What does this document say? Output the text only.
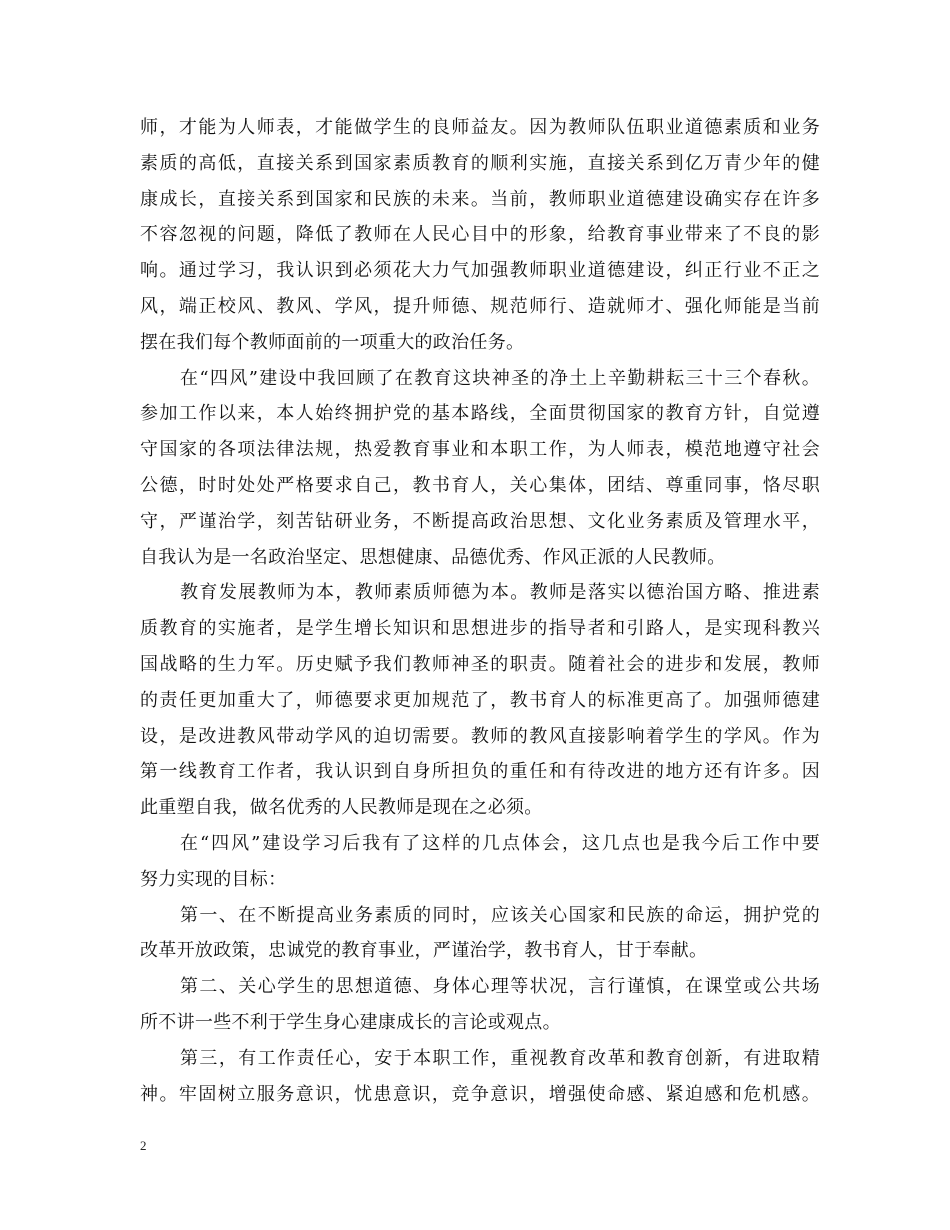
师，才能为人师表，才能做学生的良师益友。因为教师队伍职业道德素质和业务
素质的高低，直接关系到国家素质教育的顺利实施，直接关系到亿万青少年的健
康成长，直接关系到国家和民族的未来。当前，教师职业道德建设确实存在许多
不容忽视的问题，降低了教师在人民心目中的形象，给教育事业带来了不良的影
响。通过学习，我认识到必须花大力气加强教师职业道德建设，纠正行业不正之
风，端正校风、教风、学风，提升师德、规范师行、造就师才、强化师能是当前
摆在我们每个教师面前的一项重大的政治任务。
在“四风”建设中我回顾了在教育这块神圣的净土上辛勤耕耘三十三个春秋。
参加工作以来，本人始终拥护党的基本路线，全面贯彻国家的教育方针，自觉遵
守国家的各项法律法规，热爱教育事业和本职工作，为人师表，模范地遵守社会
公德，时时处处严格要求自己，教书育人，关心集体，团结、尊重同事，恪尽职
守，严谨治学，刻苦钻研业务，不断提高政治思想、文化业务素质及管理水平，
自我认为是一名政治坚定、思想健康、品德优秀、作风正派的人民教师。
教育发展教师为本，教师素质师德为本。教师是落实以德治国方略、推进素
质教育的实施者，是学生增长知识和思想进步的指导者和引路人，是实现科教兴
国战略的生力军。历史赋予我们教师神圣的职责。随着社会的进步和发展，教师
的责任更加重大了，师德要求更加规范了，教书育人的标准更高了。加强师德建
设，是改进教风带动学风的迫切需要。教师的教风直接影响着学生的学风。作为
第一线教育工作者，我认识到自身所担负的重任和有待改进的地方还有许多。因
此重塑自我，做名优秀的人民教师是现在之必须。
在“四风”建设学习后我有了这样的几点体会，这几点也是我今后工作中要
努力实现的目标：
第一、在不断提高业务素质的同时，应该关心国家和民族的命运，拥护党的
改革开放政策，忠诚党的教育事业，严谨治学，教书育人，甘于奉献。
第二、关心学生的思想道德、身体心理等状况，言行谨慎，在课堂或公共场
所不讲一些不利于学生身心建康成长的言论或观点。
第三，有工作责任心，安于本职工作，重视教育改革和教育创新，有进取精
神。牢固树立服务意识，忧患意识，竞争意识，增强使命感、紧迫感和危机感。
2
